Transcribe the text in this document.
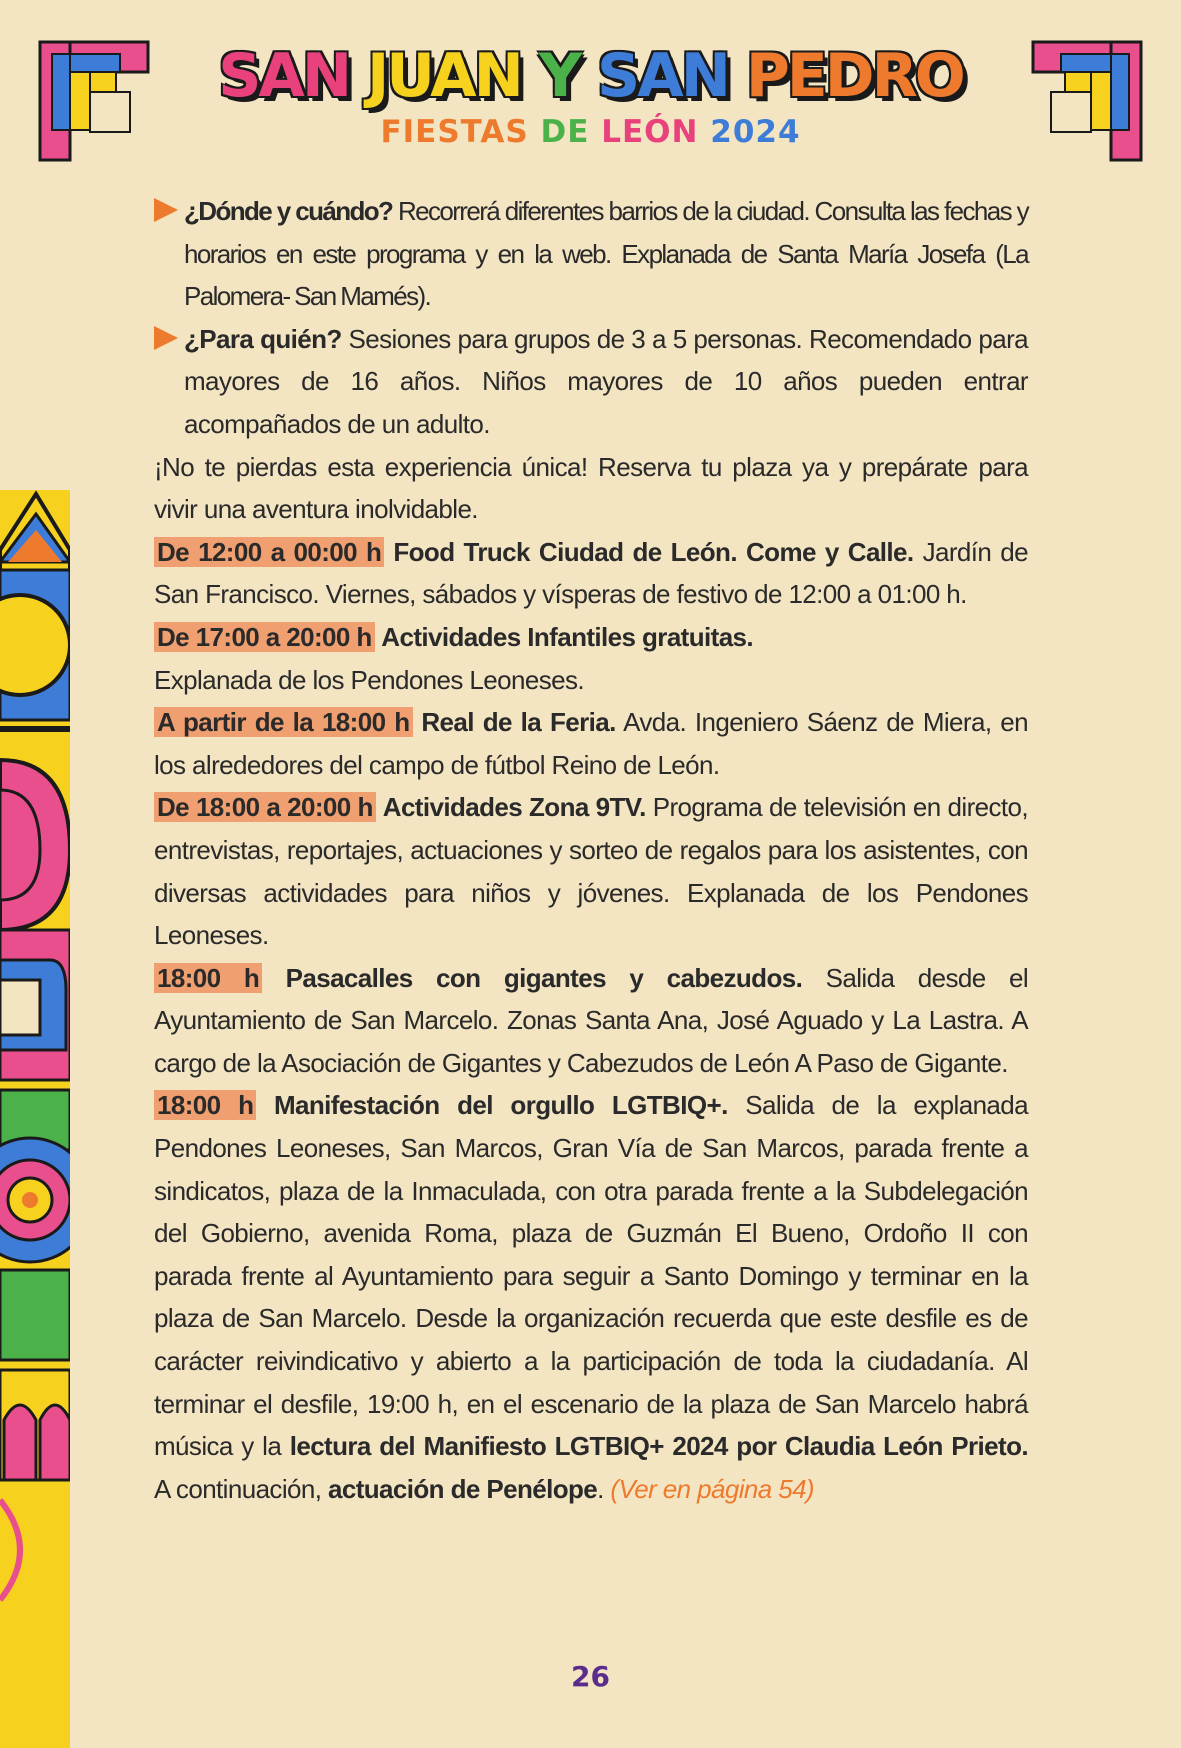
SAN JUAN Y SAN PEDRO
FIESTAS DE LEÓN 2024

¿Dónde y cuándo? Recorrerá diferentes barrios de la ciudad. Consulta las fechas y horarios en este programa y en la web. Explanada de Santa María Josefa (La Palomera- San Mamés).

¿Para quién? Sesiones para grupos de 3 a 5 personas. Recomendado para mayores de 16 años. Niños mayores de 10 años pueden entrar acompañados de un adulto.

¡No te pierdas esta experiencia única! Reserva tu plaza ya y prepárate para vivir una aventura inolvidable.

De 12:00 a 00:00 h Food Truck Ciudad de León. Come y Calle. Jardín de San Francisco. Viernes, sábados y vísperas de festivo de 12:00 a 01:00 h.

De 17:00 a 20:00 h Actividades Infantiles gratuitas.
Explanada de los Pendones Leoneses.

A partir de la 18:00 h Real de la Feria. Avda. Ingeniero Sáenz de Miera, en los alrededores del campo de fútbol Reino de León.

De 18:00 a 20:00 h Actividades Zona 9TV. Programa de televisión en directo, entrevistas, reportajes, actuaciones y sorteo de regalos para los asistentes, con diversas actividades para niños y jóvenes. Explanada de los Pendones Leoneses.

18:00 h Pasacalles con gigantes y cabezudos. Salida desde el Ayuntamiento de San Marcelo. Zonas Santa Ana, José Aguado y La Lastra. A cargo de la Asociación de Gigantes y Cabezudos de León A Paso de Gigante.

18:00 h Manifestación del orgullo LGTBIQ+. Salida de la explanada Pendones Leoneses, San Marcos, Gran Vía de San Marcos, parada frente a sindicatos, plaza de la Inmaculada, con otra parada frente a la Subdelegación del Gobierno, avenida Roma, plaza de Guzmán El Bueno, Ordoño II con parada frente al Ayuntamiento para seguir a Santo Domingo y terminar en la plaza de San Marcelo. Desde la organización recuerda que este desfile es de carácter reivindicativo y abierto a la participación de toda la ciudadanía. Al terminar el desfile, 19:00 h, en el escenario de la plaza de San Marcelo habrá música y la lectura del Manifiesto LGTBIQ+ 2024 por Claudia León Prieto. A continuación, actuación de Penélope. (Ver en página 54)

26
